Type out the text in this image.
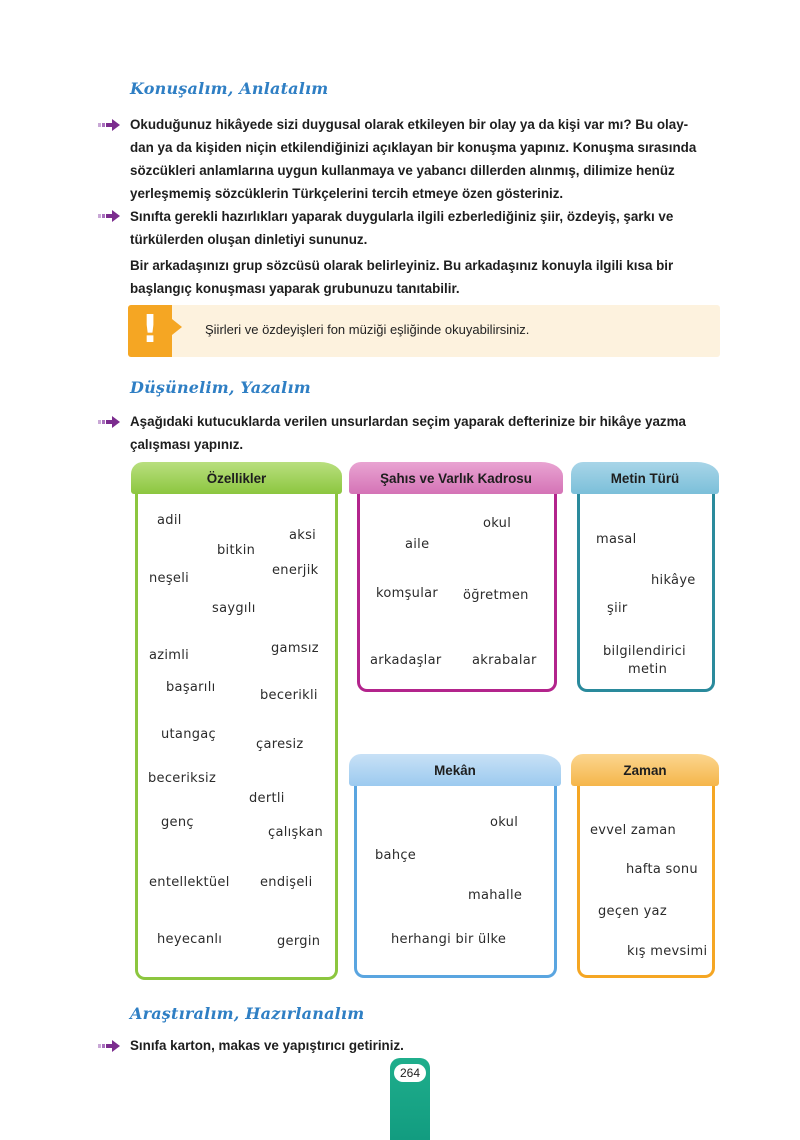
Konuşalım, Anlatalım
Okuduğunuz hikâyede sizi duygusal olarak etkileyen bir olay ya da kişi var mı? Bu olay-
dan ya da kişiden niçin etkilendiğinizi açıklayan bir konuşma yapınız. Konuşma sırasında
sözcükleri anlamlarına uygun kullanmaya ve yabancı dillerden alınmış, dilimize henüz
yerleşmemiş sözcüklerin Türkçelerini tercih etmeye özen gösteriniz.
Sınıfta gerekli hazırlıkları yaparak duygularla ilgili ezberlediğiniz şiir, özdeyiş, şarkı ve
türkülerden oluşan dinletiyi sununuz.
Bir arkadaşınızı grup sözcüsü olarak belirleyiniz. Bu arkadaşınız konuyla ilgili kısa bir
başlangıç konuşması yaparak grubunuzu tanıtabilir.
!	Şiirleri ve özdeyişleri fon müziği eşliğinde okuyabilirsiniz.
Düşünelim, Yazalım
Aşağıdaki kutucuklarda verilen unsurlardan seçim yaparak defterinize bir hikâye yazma
çalışması yapınız.
Özellikler
adil
aksi
bitkin
neşeli
enerjik
saygılı
azimli	gamsız
başarılı
becerikli
utangaç
çaresiz
beceriksiz
dertli
genç
çalışkan
entellektüel endişeli
heyecanlı	gergin
Şahıs ve Varlık Kadrosu
okul
aile
komşular öğretmen
arkadaşlar akrabalar
Metin Türü
masal
hikâye
şiir
bilgilendirici
metin
Mekân
okul
bahçe
mahalle
herhangi bir ülke
Zaman
evvel zaman
hafta sonu
geçen yaz
kış mevsimi
Araştıralım, Hazırlanalım
Sınıfa karton, makas ve yapıştırıcı getiriniz.
264
